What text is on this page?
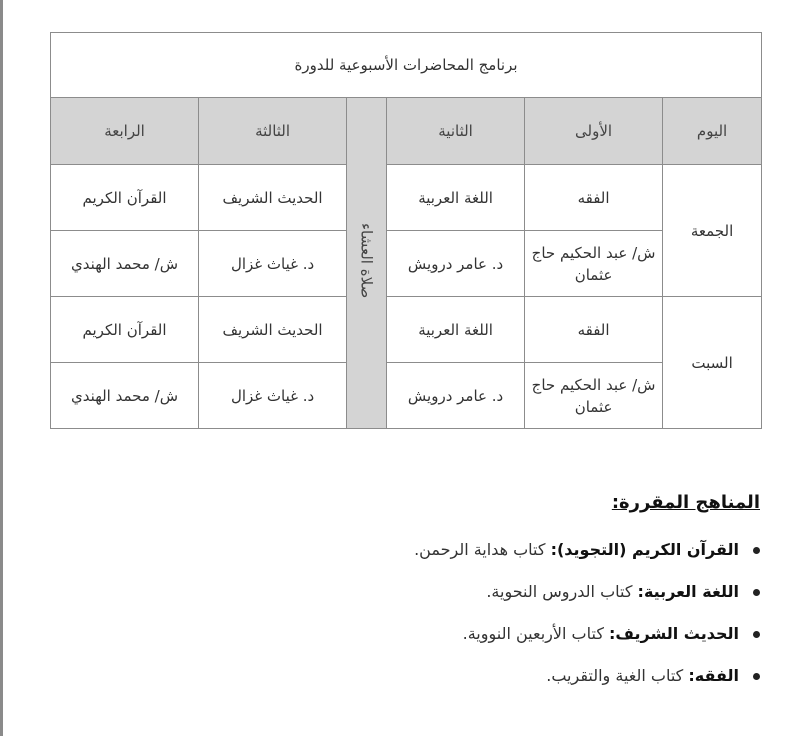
برنامج المحاضرات الأسبوعية للدورة					
اليوم	الأولى	الثانية	صلاة العشاء	الثالثة	الرابعة
الجمعة	الفقه	اللغة العربية		الحديث الشريف	القرآن الكريم
	ش/ عبد الحكيم حاج عثمان	د. عامر درويش		د. غياث غزال	ش/ محمد الهندي
السبت	الفقه	اللغة العربية		الحديث الشريف	القرآن الكريم
	ش/ عبد الحكيم حاج عثمان	د. عامر درويش		د. غياث غزال	ش/ محمد الهندي
المناهج المقررة:
القرآن الكريم (التجويد): كتاب هداية الرحمن.
اللغة العربية: كتاب الدروس النحوية.
الحديث الشريف: كتاب الأربعين النووية.
الفقه: كتاب الغية والتقريب.
